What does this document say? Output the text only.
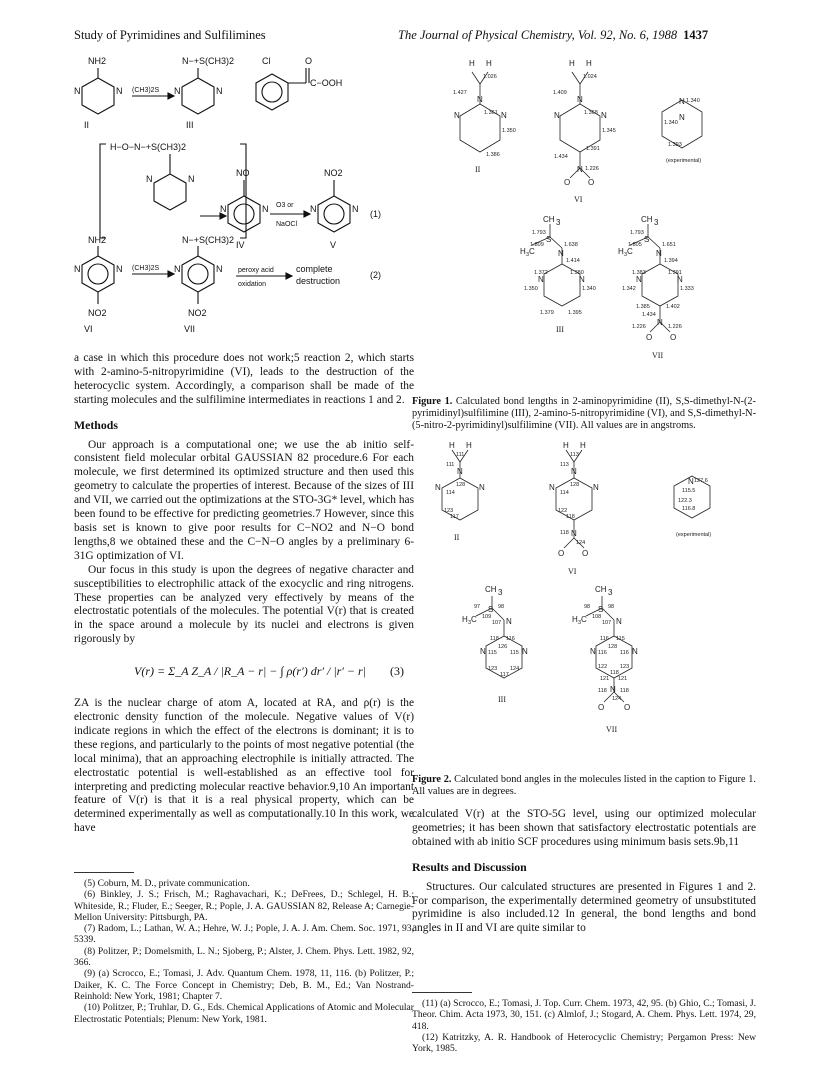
Study of Pyrimidines and Sulfilimines	The Journal of Physical Chemistry, Vol. 92, No. 6, 1988 1437
NH2
N	N (CH3)2S
N−+S(CH3)2
N	N
Cl	O
C−OOH
II	III
H−O−N−+S(CH3)2
N	N
NO
N	N O3 or
NaOCl
NO2
N	N (1)
IV	V
NH2
N	N (CH3)2S
N−+S(CH3)2
N	N peroxy acid
oxidation
complete
destruction
(2)
NO2	NO2
VI	VII

a case in which this procedure does not work;5 reaction 2, which starts with 2-amino-5-nitropyrimidine (VI), leads to the destruction of the heterocyclic system. Accordingly, a comparison shall be made of the starting molecules and the sulfilimine intermediates in reactions 1 and 2.

Methods

Our approach is a computational one; we use the ab initio self-consistent field molecular orbital GAUSSIAN 82 procedure.6 For each molecule, we first determined its optimized structure and then used this geometry to calculate the properties of interest. Because of the sizes of III and VII, we carried out the optimizations at the STO-3G* level, which has been found to be effective for predicting geometries.7 However, since this basis set is known to give poor results for C−NO2 and N−O bond lengths,8 we obtained these and the C−N−O angles by a preliminary 6-31G optimization of VI.

Our focus in this study is upon the degrees of negative character and susceptibilities to electrophilic attack of the exocyclic and ring nitrogens. These properties can be analyzed very effectively by means of the electrostatic potentials of the molecules. The potential V(r) that is created in the space around a molecule by its nuclei and electrons is given rigorously by

V(r) = Σ_A Z_A / |R_A − r| − ∫ ρ(r′) dr′ / |r′ − r| (3)

ZA is the nuclear charge of atom A, located at RA, and ρ(r) is the electronic density function of the molecule. Negative values of V(r) indicate regions in which the effect of the electrons is dominant; it is to these regions, and particularly to the points of most negative potential (the local minima), that an approaching electrophile is initially attracted. The electrostatic potential is well-established as an effective tool for interpreting and predicting molecular reactive behavior.9,10 An important feature of V(r) is that it is a real physical property, which can be determined experimentally as well as computationally.10 In this work, we have

(5) Coburn, M. D., private communication.

(6) Binkley, J. S.; Frisch, M.; Raghavachari, K.; DeFrees, D.; Schlegel, H. B.; Whiteside, R.; Fluder, E.; Seeger, R.; Pople, J. A. GAUSSIAN 82, Release A; Carnegie-Mellon University: Pittsburgh, PA.

(7) Radom, L.; Lathan, W. A.; Hehre, W. J.; Pople, J. A. J. Am. Chem. Soc. 1971, 93, 5339.

(8) Politzer, P.; Domelsmith, L. N.; Sjoberg, P.; Alster, J. Chem. Phys. Lett. 1982, 92, 366.

(9) (a) Scrocco, E.; Tomasi, J. Adv. Quantum Chem. 1978, 11, 116. (b) Politzer, P.; Daiker, K. C. The Force Concept in Chemistry; Deb, B. M., Ed.; Van Nostrand-Reinhold: New York, 1981; Chapter 7.

(10) Politzer, P.; Truhlar, D. G., Eds. Chemical Applications of Atomic and Molecular Electrostatic Potentials; Plenum: New York, 1981.

H H
N
1.026
1.427
N	N
1.361
1.350
1.386
II
H H
N
1.024
1.409
N	N
1.368
1.345
1.391
1.434
N 1.226
O O
VI
N
N
1.340
1.340
1.393
(experimental)
CH 3
1.793
1.809
S
1.638
H 3 C	N
1.414
1.372	1.380
N	N
1.350	1.340
1.379	1.395
III
CH 3
1.793
1.805
S
1.651
H 3 C	N
1.394
1.383	1.391
N	N
1.342	1.333
1.385	1.402
1.434
N
1.226	1.226
O O
VII
Figure 1. Calculated bond lengths in 2-aminopyrimidine (II), S,S-dimethyl-N-(2-pyrimidinyl)sulfilimine (III), 2-amino-5-nitropyrimidine (VI), and S,S-dimethyl-N-(5-nitro-2-pyrimidinyl)sulfilimine (VII). All values are in angstroms.
H H
111
111
N
N	N
128
114
123
117
II
H H
113
113
N
N	N
128
114
122
118
118 N
124
O O
VI
N 127.6
115.5
122.3
116.8
(experimental)
CH 3
97	98
S
109
H 3 C	107 N
118 116
126
N	N
115 115
123 124
117
III
CH 3
98	98
S
108
H 3 C	107 N
116 115
128
N	N
116 116
122 123
118
121 121
118 N 118
124
O O
VII
Figure 2. Calculated bond angles in the molecules listed in the caption to Figure 1. All values are in degrees.

calculated V(r) at the STO-5G level, using our optimized molecular geometries; it has been shown that satisfactory electrostatic potentials are obtained with ab initio SCF procedures using minimum basis sets.9b,11

Results and Discussion

Structures. Our calculated structures are presented in Figures 1 and 2. For comparison, the experimentally determined geometry of unsubstituted pyrimidine is also included.12 In general, the bond lengths and bond angles in II and VI are quite similar to

(11) (a) Scrocco, E.; Tomasi, J. Top. Curr. Chem. 1973, 42, 95. (b) Ghio, C.; Tomasi, J. Theor. Chim. Acta 1973, 30, 151. (c) Almlof, J.; Stogard, A. Chem. Phys. Lett. 1974, 29, 418.

(12) Katritzky, A. R. Handbook of Heterocyclic Chemistry; Pergamon Press: New York, 1985.
